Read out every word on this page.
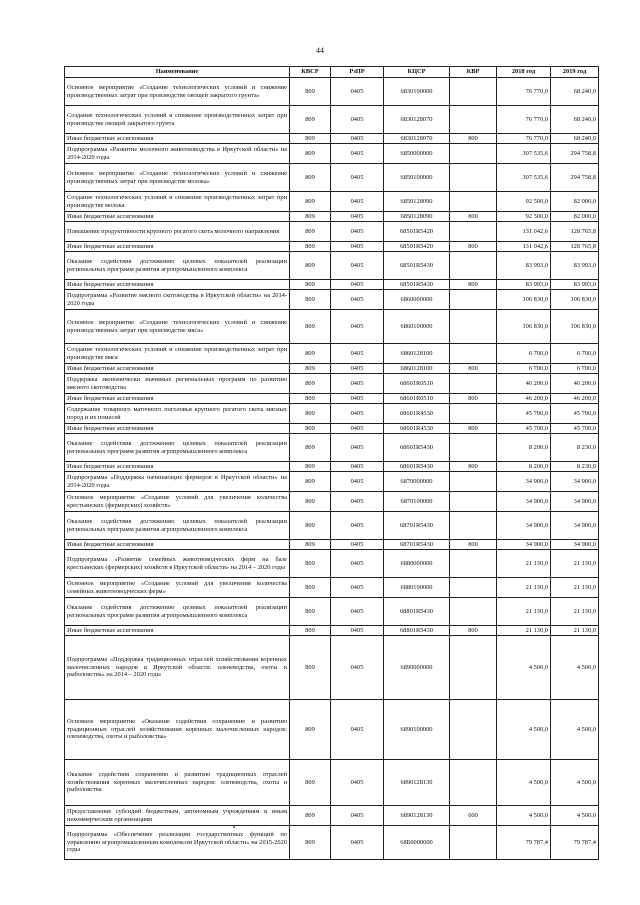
44
Наименование	КВСР	РзПР	КЦСР	КВР	2018 год	2019 год
Основное мероприятие «Создание технологических условий и снижение производственных затрат при производстве овощей закрытого грунта»	809	0405	6830100000		76 770,0	68 240,0
Создание технологических условий и снижение производственных затрат при производстве овощей закрытого грунта	809	0405	6830128070		76 770,0	68 240,0
Иные бюджетные ассигнования	809	0405	6830128070	800	76 770,0	68 240,0
Подпрограмма «Развитие молочного животноводства в Иркутской области» на 2014-2020 годы	809	0405	6850000000		307 535,6	294 758,8
Основное мероприятие «Создание технологических условий и снижение производственных затрат при производстве молока»	809	0405	6850100000		307 535,6	294 758,8
Создание технологических условий и снижение производственных затрат при производстве молока	809	0405	6850128090		92 500,0	82 000,0
Иные бюджетные ассигнования	809	0405	6850128090	800	92 500,0	82 000,0
Повышение продуктивности крупного рогатого скота молочного направления	809	0405	68501R5420		131 042,6	128 765,8
Иные бюджетные ассигнования	809	0405	68501R5420	800	131 042,6	128 765,8
Оказание содействия достижению целевых показателей реализации региональных программ развития агропромышленного комплекса	809	0405	68501R5430		83 993,0	83 993,0
Иные бюджетные ассигнования	809	0405	68501R5430	800	83 993,0	83 993,0
Подпрограмма «Развитие мясного скотоводства в Иркутской области» на 2014-2020 годы	809	0405	6860000000		106 830,0	106 830,0
Основное мероприятие «Создание технологических условий и снижение производственных затрат при производстве мяса»	809	0405	6860100000		106 830,0	106 830,0
Создание технологических условий и снижение производственных затрат при производстве мяса	809	0405	6860128100		6 700,0	6 700,0
Иные бюджетные ассигнования	809	0405	6860128100	800	6 700,0	6 700,0
Поддержка экономически значимых региональных программ по развитию мясного скотоводства	809	0405	68601R0510		46 200,0	46 200,0
Иные бюджетные ассигнования	809	0405	68601R0510	800	46 200,0	46 200,0
Содержание товарного маточного поголовья крупного рогатого скота мясных пород и их помесей	809	0405	68601R4530		45 700,0	45 700,0
Иные бюджетные ассигнования	809	0405	68601R4530	800	45 700,0	45 700,0
Оказание содействия достижению целевых показателей реализации региональных программ развития агропромышленного комплекса	809	0405	68601R5430		8 200,0	8 230,0
Иные бюджетные ассигнования	809	0405	68601R5430	800	8 200,0	8 230,0
Подпрограмма «Поддержка начинающих фермеров в Иркутской области» на 2014-2020 годы	809	0405	6870000000		34 900,0	34 900,0
Основное мероприятие «Создание условий для увеличения количества крестьянских (фермерских) хозяйств»	809	0405	6870100000		34 900,0	34 900,0
Оказание содействия достижению целевых показателей реализации региональных программ развития агропромышленного комплекса	809	0405	68701R5430		34 900,0	34 900,0
Иные бюджетные ассигнования	809	0405	68701R5430	800	34 900,0	34 900,0
Подпрограмма «Развитие семейных животноводческих ферм на базе крестьянских (фермерских) хозяйств в Иркутской области» на 2014 – 2020 годы	809	0405	6880000000		21 130,0	21 130,0
Основное мероприятие «Создание условий для увеличения количества семейных животноводческих ферм»	809	0405	6880100000		21 130,0	21 130,0
Оказание содействия достижению целевых показателей реализации региональных программ развития агропромышленного комплекса	809	0405	68801R5430		21 130,0	21 130,0
Иные бюджетные ассигнования	809	0405	68801R5430	800	21 130,0	21 130,0
Подпрограмма «Поддержка традиционных отраслей хозяйствования коренных малочисленных народов в Иркутской области: оленеводства, охоты и рыболовства» на 2014 – 2020 годы	809	0405	6890000000		4 500,0	4 500,0
Основное мероприятие «Оказание содействия сохранению и развитию традиционных отраслей хозяйствования коренных малочисленных народов: оленеводства, охоты и рыболовства»	809	0405	6890100000		4 500,0	4 500,0
Оказание содействия сохранению и развитию традиционных отраслей хозяйствования коренных малочисленных народов: оленеводства, охоты и рыболовства	809	0405	6890128130		4 500,0	4 500,0
Предоставление субсидий бюджетным, автономным учреждениям и иным некоммерческим организациям	809	0405	6890128130	600	4 500,0	4 500,0
Подпрограмма «Обеспечение реализации государственных функций по управлению агропромышленным комплексом Иркутской области» на 2015-2020 годы	809	0405	68Б0000000		79 787,4	79 787,4
